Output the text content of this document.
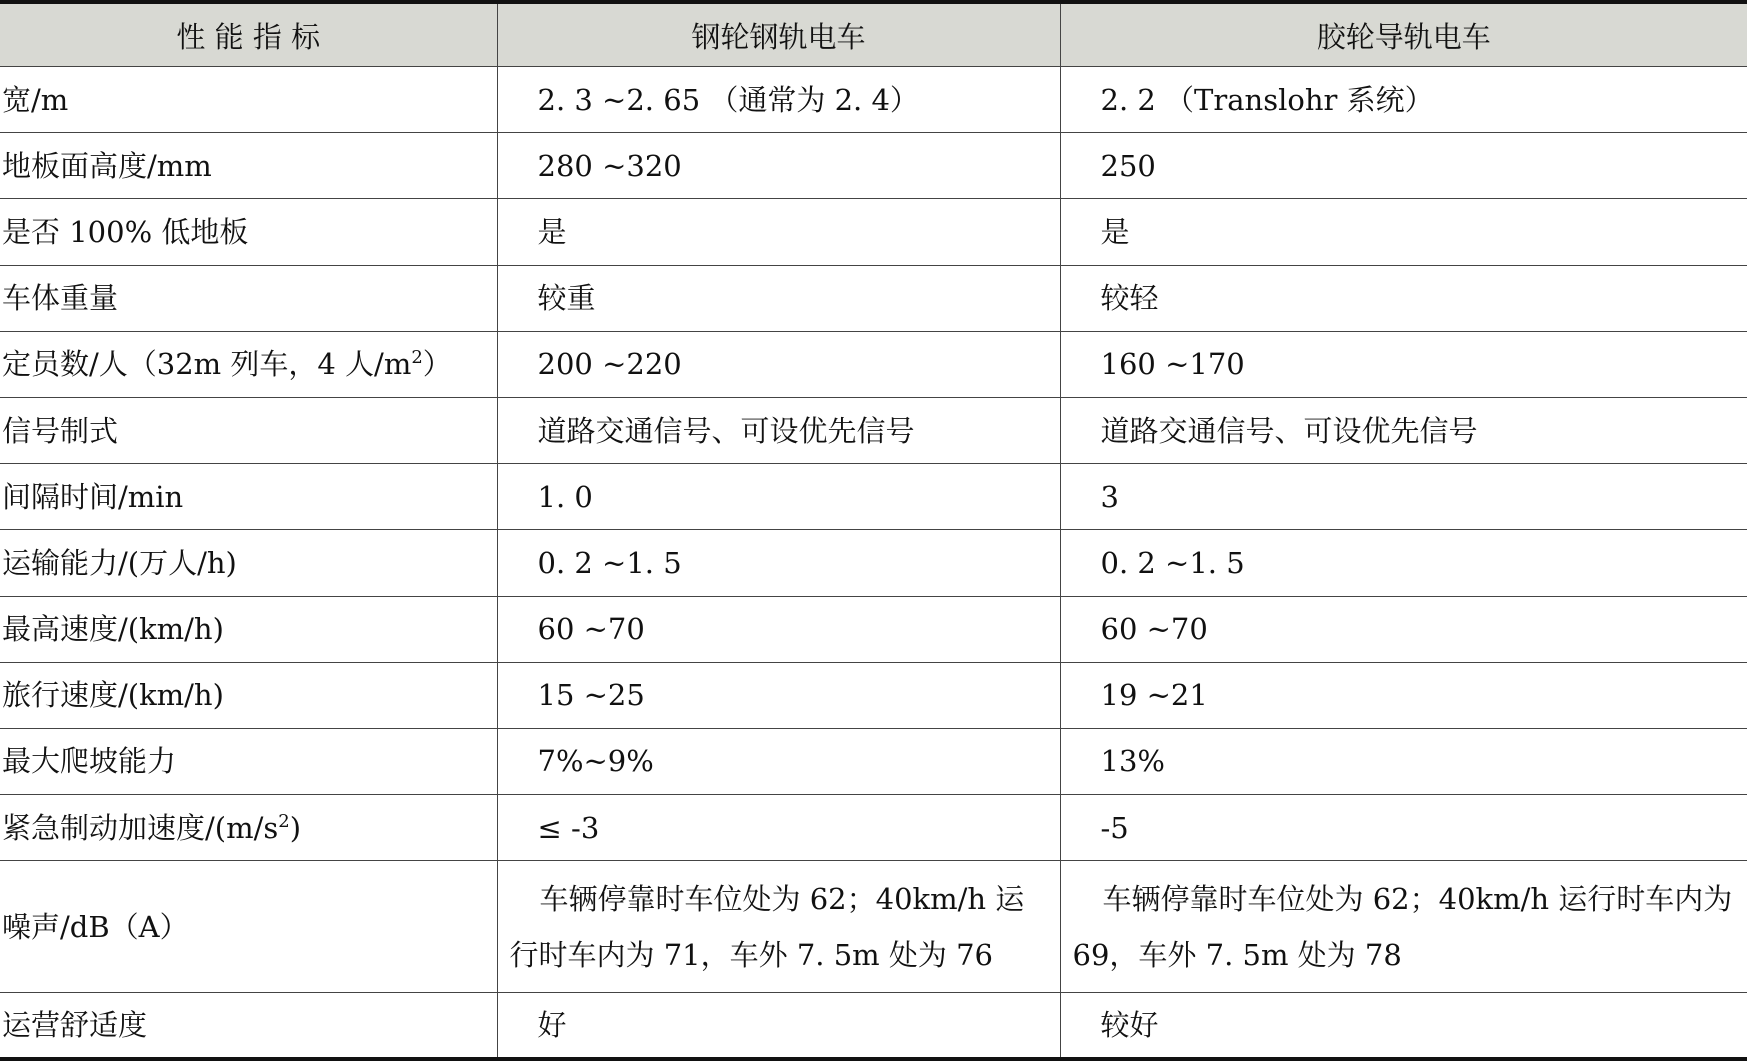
性 能 指 标	钢轮钢轨电车	胶轮导轨电车
宽/m	2. 3 ~2. 65 （通常为 2. 4）	2. 2 （Translohr 系统）
地板面高度/mm	280 ~320	250
是否 100% 低地板	是	是
车体重量	较重	较轻
定员数/人（32m 列车，4 人$/m^2$）	200 ~220	160 ~170
信号制式	道路交通信号、可设优先信号	道路交通信号、可设优先信号
间隔时间/min	1. 0	3
运输能力/(万人/h)	0. 2 ~1. 5	0. 2 ~1. 5
最高速度/(km/h)	60 ~70	60 ~70
旅行速度/(km/h)	15 ~25	19 ~21
最大爬坡能力	7%~9%	13%
紧急制动加速度$/(m/s^2)$	≤ -3	-5
噪声/dB（A）	车辆停靠时车位处为 62；40km/h 运行时车内为 71，车外 7. 5m 处为 76	车辆停靠时车位处为 62；40km/h 运行时车内为 69，车外 7. 5m 处为 78
运营舒适度	好	较好
